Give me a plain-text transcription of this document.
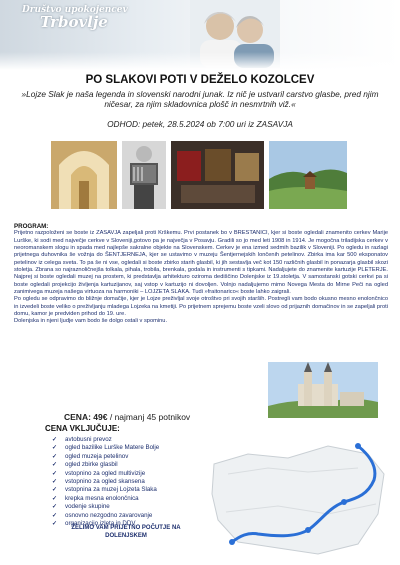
Društvo upokojencev
Trbovlje
PO SLAKOVI POTI V DEŽELO KOZOLCEV
»Lojze Slak je naša legenda in slovenski narodni junak. Iz nič je ustvaril carstvo glasbe, pred njim ničesar, za njim skladovnica plošč in nesmrtnih viž.«
ODHOD: petek, 28.5.2024 ob 7:00 uri iz ZASAVJA
PROGRAM:

Prijetno razpoloženi se boste iz ZASAVJA zapeljali proti Krškemu. Prvi postanek bo v BRESTANICI, kjer si boste ogledali znamenito cerkev Marije Lurške, ki sodi med največje cerkve v Sloveniji,gotovo pa je največja v Posavju. Gradili so jo med leti 1908 in 1914. Je mogočna triladijska cerkev v neoromanskem slogu in spada med najlepše sakralne objekte na Slovenskem. Cerkev je ena izmed sedmih bazilik v Sloveniji. Po ogledu in razlagi prijetnega duhovnika še vožnja do ŠENTJERNEJA, kjer se ustavimo v muzeju Šentjernejskih lončenih petelinov. Zbirka ima kar 500 eksponatov petelinov iz celega sveta. To pa še ni vse, ogledali si boste zbirko starih glasbil, ki jih sestavlja več kot 150 različnih glasbil in ponazarja glasbil skozi stoletja. Zbrana so najraznoličnejša tolkala, pihala, trobila, brenkala, godala in instrumenti s tipkami. Nadaljujete do znamenite kartuzije PLETERJE. Najprej si boste ogledali muzej na prostem, ki predstavlja arhitekturo oziroma dediščino Dolenjske iz 19.stoletja. V samostanski gotski cerkvi pa si boste ogledali projekcijo življenja kartuzijanov, saj vstop v kartuzijo ni dovoljen. Volnjo nadaljujemo mimo Novega Mesta do Mirne Peči na ogled zanimivega muzeja našega virtuoza na harmoniki – LOJZETA SLAKA. Tudi »fraitonarico« boste lahko zaigrali.

Po ogledu se odpravimo do bližnje domačije, kjer je Lojze preživljal svoje otroštvo pri svojih starših. Postregli vam bodo okusno mesno enolončnico in izvedeli boste veliko o preživljanju mladega Lojzeka na kmetiji. Po prijetnem sprejemu boste vzeli slovo od prijaznih domačinov in se zapeljali proti domu, kamor je predviden prihod do 19. ure.

Dolenjska in njeni ljudje vam bodo še dolgo ostali v spominu.

CENA: 49€ / najmanj 45 potnikov
CENA VKLJUČUJE:
✓ avtobusni prevoz
✓ ogled bazilike Lurške Matere Bolje
✓ ogled muzeja petelinov
✓ ogled zbirke glasbil
✓ vstopnino za ogled multivizije
✓ vstopnino za ogled skansena
✓ vstopnina za muzej Lojzeta Slaka
✓ krepka mesna enolončnica
✓ vodenje skupine
✓ osnovno nezgodno zavarovanje
✓ organizacijo izleta in DDV
ŽELIMO VAM PRIJETNO POČUTJE NA DOLENJSKEM
